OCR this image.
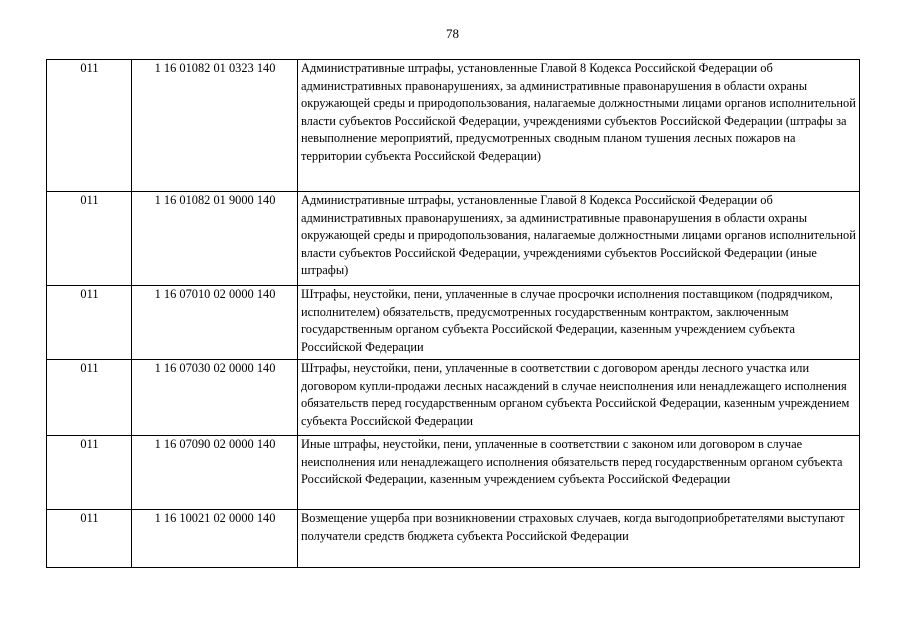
78
011	1 16 01082 01 0323 140	Административные штрафы, установленные Главой 8 Кодекса Российской Федерации об административных правонарушениях, за административные правонарушения в области охраны окружающей среды и природопользования, налагаемые должностными лицами органов исполнительной власти субъектов Российской Федерации, учреждениями субъектов Российской Федерации (штрафы за невыполнение мероприятий, предусмотренных сводным планом тушения лесных пожаров на территории субъекта Российской Федерации)
011	1 16 01082 01 9000 140	Административные штрафы, установленные Главой 8 Кодекса Российской Федерации об административных правонарушениях, за административные правонарушения в области охраны окружающей среды и природопользования, налагаемые должностными лицами органов исполнительной власти субъектов Российской Федерации, учреждениями субъектов Российской Федерации (иные штрафы)
011	1 16 07010 02 0000 140	Штрафы, неустойки, пени, уплаченные в случае просрочки исполнения поставщиком (подрядчиком, исполнителем) обязательств, предусмотренных государственным контрактом, заключенным государственным органом субъекта Российской Федерации, казенным учреждением субъекта Российской Федерации
011	1 16 07030 02 0000 140	Штрафы, неустойки, пени, уплаченные в соответствии с договором аренды лесного участка или договором купли-продажи лесных насаждений в случае неисполнения или ненадлежащего исполнения обязательств перед государственным органом субъекта Российской Федерации, казенным учреждением субъекта Российской Федерации
011	1 16 07090 02 0000 140	Иные штрафы, неустойки, пени, уплаченные в соответствии с законом или договором в случае неисполнения или ненадлежащего исполнения обязательств перед государственным органом субъекта Российской Федерации, казенным учреждением субъекта Российской Федерации
011	1 16 10021 02 0000 140	Возмещение ущерба при возникновении страховых случаев, когда выгодоприобретателями выступают получатели средств бюджета субъекта Российской Федерации
